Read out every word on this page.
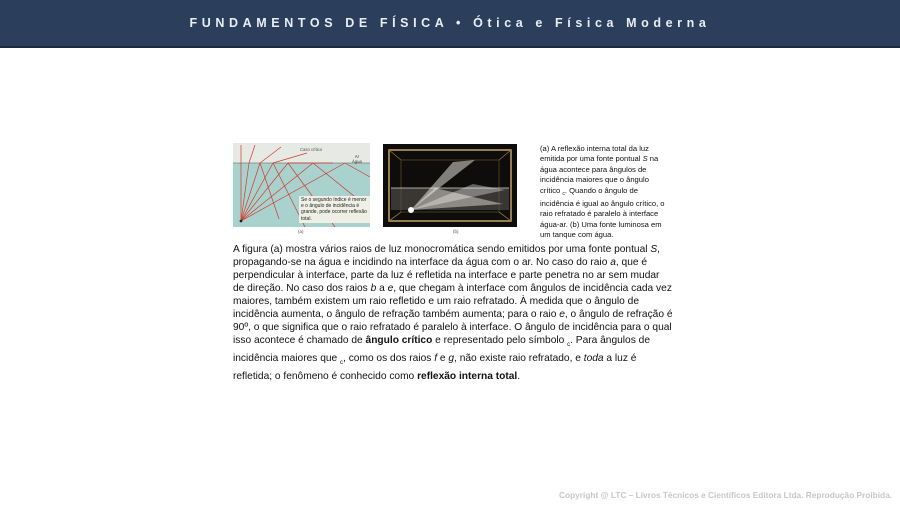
FUNDAMENTOS DE FÍSICA • Ótica e Física Moderna
Caso crítico
Ar
Água
Se o segundo índice é menor e o ângulo de incidência é grande, pode ocorrer reflexão total.
(a)	(b)
(a) A reflexão interna total da luz emitida por uma fonte pontual S na água acontece para ângulos de incidência maiores que o ângulo crítico $_c$. Quando o ângulo de incidência é igual ao ângulo crítico, o raio refratado é paralelo à interface água-ar. (b) Uma fonte luminosa em um tanque com água.
A figura (a) mostra vários raios de luz monocromática sendo emitidos por uma fonte pontual S, propagando-se na água e incidindo na interface da água com o ar. No caso do raio a, que é perpendicular à interface, parte da luz é refletida na interface e parte penetra no ar sem mudar de direção. No caso dos raios b a e, que chegam à interface com ângulos de incidência cada vez maiores, também existem um raio refletido e um raio refratado. À medida que o ângulo de incidência aumenta, o ângulo de refração também aumenta; para o raio e, o ângulo de refração é 90º, o que significa que o raio refratado é paralelo à interface. O ângulo de incidência para o qual isso acontece é chamado de ângulo crítico e representado pelo símbolo $_c$. Para ângulos de incidência maiores que $_c$, como os dos raios f e g, não existe raio refratado, e toda a luz é refletida; o fenômeno é conhecido como reflexão interna total.
Copyright @ LTC – Livros Técnicos e Científicos Editora Ltda. Reprodução Proibida.
